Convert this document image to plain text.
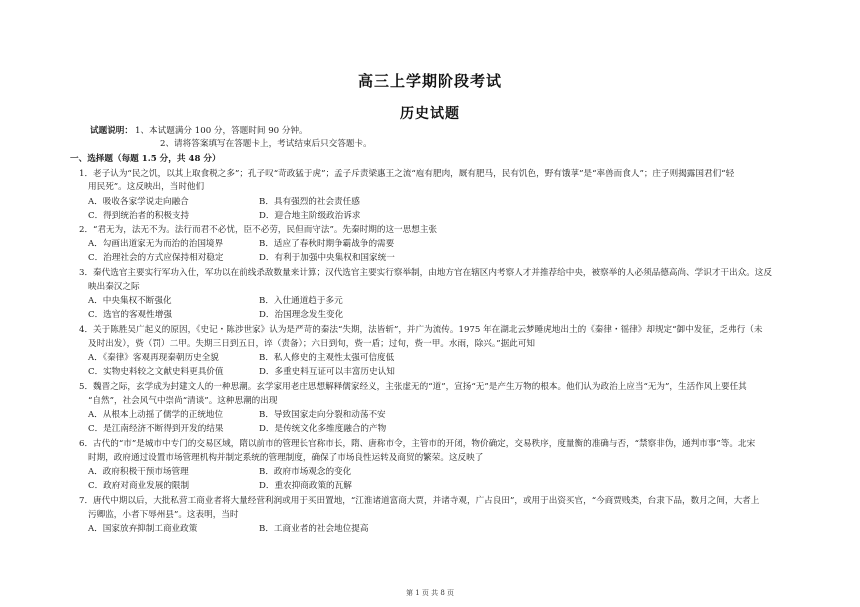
高三上学期阶段考试
历史试题
试题说明： 1、本试题满分 100 分，答题时间 90 分钟。
2、请将答案填写在答题卡上，考试结束后只交答题卡。
一、选择题（每题 1.5 分，共 48 分）
1．老子认为“民之饥，以其上取食税之多”；孔子叹“苛政猛于虎”；孟子斥责梁惠王之流“庖有肥肉，厩有肥马，民有饥色，野有饿莩”是“率兽而食人”；庄子则揭露国君们“轻
用民死”。这反映出，当时他们
A．吸收各家学说走向融合	B．具有强烈的社会责任感
C．得到统治者的积极支持	D．迎合地主阶级政治诉求
2．“君无为，法无不为。法行而君不必忧，臣不必劳，民但而守法”。先秦时期的这一思想主张
A．勾画出道家无为而治的治国境界	B．适应了春秋时期争霸战争的需要
C．治理社会的方式应保持相对稳定	D．有利于加强中央集权和国家统一
3．秦代选官主要实行军功入仕，军功以在前线杀敌数量来计算；汉代选官主要实行察举制，由地方官在辖区内考察人才并推荐给中央，被察举的人必须品德高尚、学识才干出众。这反
映出秦汉之际
A．中央集权不断强化	B．入仕通道趋于多元
C．选官的客观性增强	D．治国理念发生变化
4．关于陈胜吴广起义的原因，《史记・陈涉世家》认为是严苛的秦法“失期，法皆斩”，并广为流传。1975 年在湖北云梦睡虎地出土的《秦律・徭律》却规定“御中发征，乏弗行（未
及时出发），赀（罚）二甲。失期三日到五日，谇（责备）；六日到旬，赀一盾；过旬，赀一甲。水雨，除兴。”据此可知
A．《秦律》客观再现秦朝历史全貌	B．私人修史的主观性太强可信度低
C．实物史料较之文献史料更具价值	D．多重史料互证可以丰富历史认知
5．魏晋之际，玄学成为封建文人的一种思潮。玄学家用老庄思想解释儒家经义，主张虚无的“道”，宣扬“无”是产生万物的根本。他们认为政治上应当“无为”，生活作风上要任其
“自然”，社会风气中崇尚“清谈”。这种思潮的出现
A．从根本上动摇了儒学的正统地位	B．导致国家走向分裂和动荡不安
C．是江南经济不断得到开发的结果	D．是传统文化多维度融合的产物
6．古代的“市”是城市中专门的交易区域，隋以前市的管理长官称市长，隋、唐称市令，主管市的开闭，物价确定，交易秩序，度量衡的准确与否，“禁察非伪，通判市事”等。北宋
时期，政府通过设置市场管理机构并制定系统的管理制度，确保了市场良性运转及商贸的繁荣。这反映了
A．政府积极干预市场管理	B．政府市场观念的变化
C．政府对商业发展的限制	D．重农抑商政策的瓦解
7．唐代中期以后，大批私营工商业者将大量经营利润或用于买田置地，“江淮诸道富商大贾，并诸寺观，广占良田”，或用于出资买官，“今商贾贱类，台隶下品，数月之间，大者上
污卿监，小者下辱州县”。这表明，当时
A．国家放弃抑制工商业政策	B．工商业者的社会地位提高
第 1 页 共 8 页
